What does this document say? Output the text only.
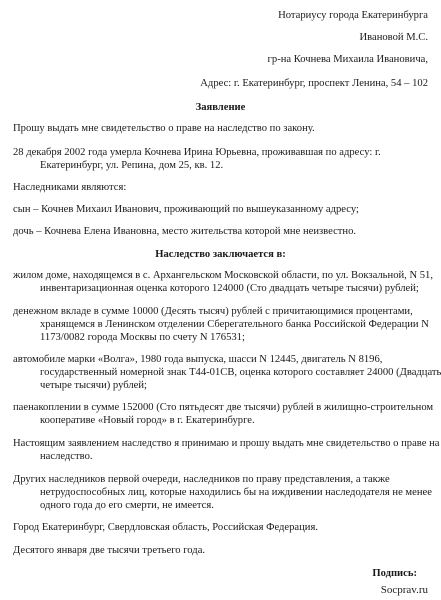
Нотариусу города Екатеринбурга
Ивановой М.С.
гр-на Кочнева Михаила Ивановича,
Адрес: г. Екатеринбург, проспект Ленина, 54 – 102
Заявление
Прошу выдать мне свидетельство о праве на наследство по закону.
28 декабря 2002 года умерла Кочнева Ирина Юрьевна, проживавшая по адресу: г.
Екатеринбург, ул. Репина, дом 25, кв. 12.
Наследниками являются:
сын – Кочнев Михаил Иванович, проживающий по вышеуказанному адресу;
дочь – Кочнева Елена Ивановна, место жительства которой мне неизвестно.
Наследство заключается в:
жилом доме, находящемся в с. Архангельском Московской области, по ул. Вокзальной, N 51,
инвентаризационная оценка которого 124000 (Сто двадцать четыре тысячи) рублей;
денежном вкладе в сумме 10000 (Десять тысяч) рублей с причитающимися процентами,
хранящемся в Ленинском отделении Сберегательного банка Российской Федерации N
1173/0082 города Москвы по счету N 176531;
автомобиле марки «Волга», 1980 года выпуска, шасси N 12445, двигатель N 8196,
государственный номерной знак Т44-01СВ, оценка которого составляет 24000 (Двадцать
четыре тысячи) рублей;
паенакоплении в сумме 152000 (Сто пятьдесят две тысячи) рублей в жилищно-строительном
кооперативе «Новый город» в г. Екатеринбурге.
Настоящим заявлением наследство я принимаю и прошу выдать мне свидетельство о праве на
наследство.
Других наследников первой очереди, наследников по праву представления, а также
нетрудоспособных лиц, которые находились бы на иждивении наследодателя не менее
одного года до его смерти, не имеется.
Город Екатеринбург, Свердловская область, Российская Федерация.
Десятого января две тысячи третьего года.
Подпись:
Socprav.ru
